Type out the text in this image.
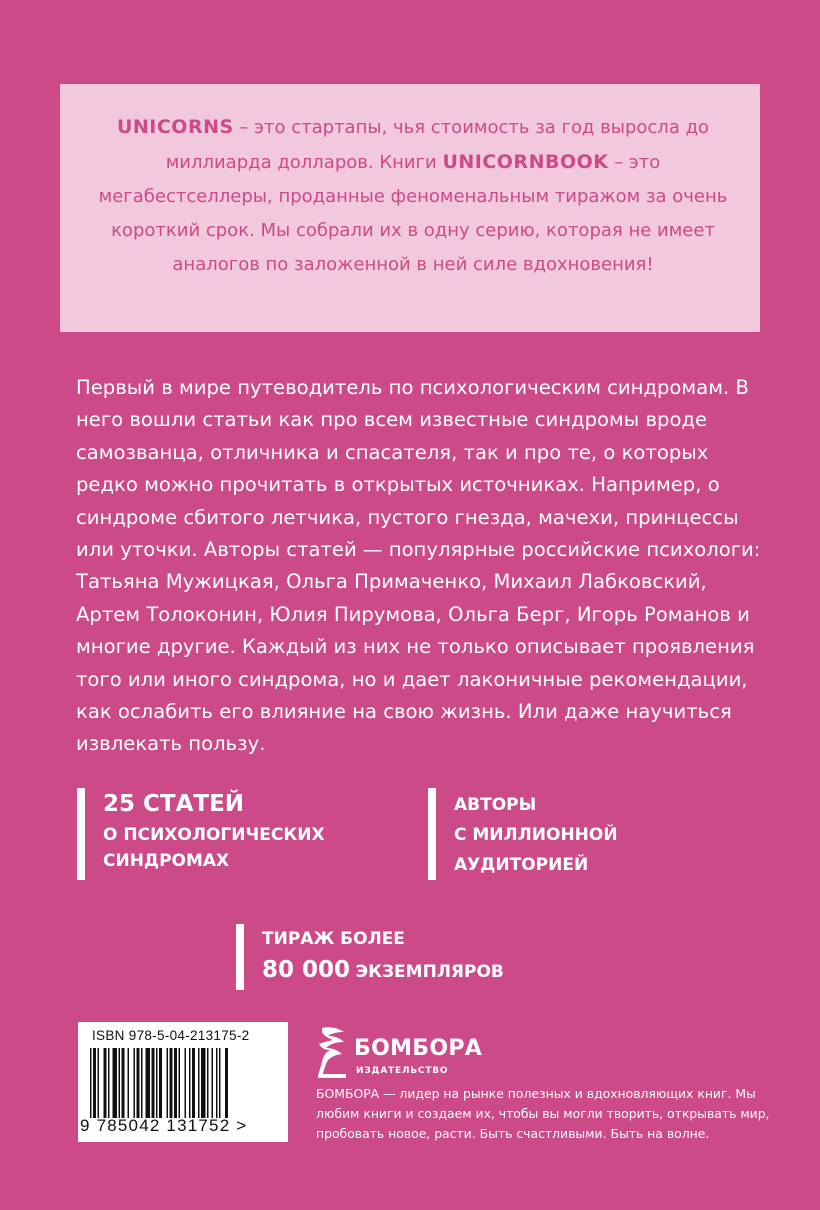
UNICORNS – это стартапы, чья стоимость за год выросла до миллиарда долларов. Книги UNICORNBOOK – это мегабестселлеры, проданные феноменальным тиражом за очень короткий срок. Мы собрали их в одну серию, которая не имеет аналогов по заложенной в ней силе вдохновения!

Первый в мире путеводитель по психологическим синдромам. В него вошли статьи как про всем известные синдромы вроде самозванца, отличника и спасателя, так и про те, о которых редко можно прочитать в открытых источниках. Например, о синдроме сбитого летчика, пустого гнезда, мачехи, принцессы или уточки. Авторы статей — популярные российские психологи: Татьяна Мужицкая, Ольга Примаченко, Михаил Лабковский, Артем Толоконин, Юлия Пирумова, Ольга Берг, Игорь Романов и многие другие. Каждый из них не только описывает проявления того или иного синдрома, но и дает лаконичные рекомендации, как ослабить его влияние на свою жизнь. Или даже научиться извлекать пользу.

25 СТАТЕЙ
О ПСИХОЛОГИЧЕСКИХ
СИНДРОМАХ
АВТОРЫ
С МИЛЛИОННОЙ
АУДИТОРИЕЙ
ТИРАЖ БОЛЕЕ
80 000 ЭКЗЕМПЛЯРОВ
ISBN 978-5-04-213175-2
9 785042 131752 >
БОМБОРА
ИЗДАТЕЛЬСТВО

БОМБОРА — лидер на рынке полезных и вдохновляющих книг. Мы любим книги и создаем их, чтобы вы могли творить, открывать мир, пробовать новое, расти. Быть счастливыми. Быть на волне.
